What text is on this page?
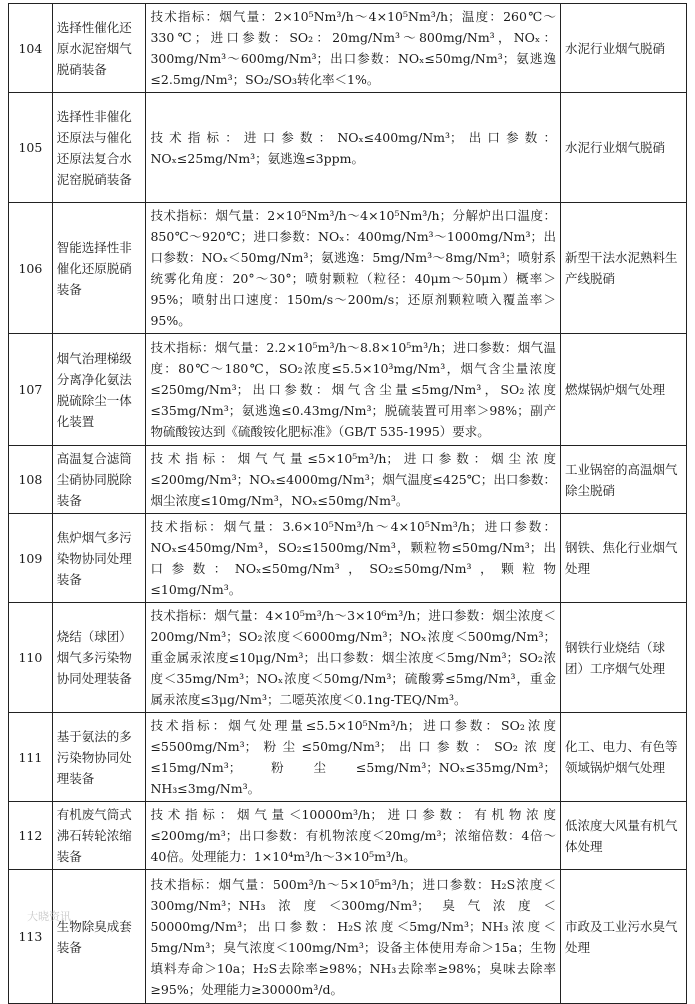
104	选择性催化还原水泥窑烟气脱硝装备	技术指标：烟气量：2×10⁵Nm³/h～4×10⁵Nm³/h；温度：260℃～330℃；进口参数：SO₂：20mg/Nm³～800mg/Nm³，NOₓ：300mg/Nm³～600mg/Nm³；出口参数：NOₓ≤50mg/Nm³；氨逃逸≤2.5mg/Nm³；SO₂/SO₃转化率＜1%。	水泥行业烟气脱硝
105	选择性非催化还原法与催化还原法复合水泥窑脱硝装备	技术指标：进口参数：NOₓ≤400mg/Nm³；出口参数：NOₓ≤25mg/Nm³；氨逃逸≤3ppm。	水泥行业烟气脱硝
106	智能选择性非催化还原脱硝装备	技术指标：烟气量：2×10⁵Nm³/h～4×10⁵Nm³/h；分解炉出口温度：850℃～920℃；进口参数：NOₓ：400mg/Nm³～1000mg/Nm³；出口参数：NOₓ＜50mg/Nm³；氨逃逸：5mg/Nm³～8mg/Nm³；喷射系统雾化角度：20°～30°；喷射颗粒（粒径：40μm～50μm）概率＞95%；喷射出口速度：150m/s～200m/s；还原剂颗粒喷入覆盖率＞95%。	新型干法水泥熟料生产线脱硝
107	烟气治理梯级分离净化氨法脱硫除尘一体化装置	技术指标：烟气量：2.2×10⁵m³/h～8.8×10⁵m³/h；进口参数：烟气温度：80℃～180℃，SO₂浓度≤5.5×10³mg/Nm³，烟气含尘量浓度≤250mg/Nm³；出口参数：烟气含尘量≤5mg/Nm³，SO₂浓度≤35mg/Nm³；氨逃逸≤0.43mg/Nm³；脱硫装置可用率＞98%；副产物硫酸铵达到《硫酸铵化肥标准》（GB/T 535-1995）要求。	燃煤锅炉烟气处理
108	高温复合滤筒尘硝协同脱除装备	技术指标：烟气气量≤5×10⁵m³/h；进口参数：烟尘浓度≤200mg/Nm³；NOₓ≤4000mg/Nm³；烟气温度≤425℃；出口参数：烟尘浓度≤10mg/Nm³，NOₓ≤50mg/Nm³。	工业锅窑的高温烟气除尘脱硝
109	焦炉烟气多污染物协同处理装备	技术指标：烟气量：3.6×10⁵Nm³/h～4×10⁵Nm³/h；进口参数：NOₓ≤450mg/Nm³，SO₂≤1500mg/Nm³，颗粒物≤50mg/Nm³；出口参数：NOₓ≤50mg/Nm³，SO₂≤50mg/Nm³，颗粒物≤10mg/Nm³。	钢铁、焦化行业烟气处理
110	烧结（球团）烟气多污染物协同处理装备	技术指标：烟气量：4×10⁵m³/h～3×10⁶m³/h；进口参数：烟尘浓度＜200mg/Nm³；SO₂浓度＜6000mg/Nm³；NOₓ浓度＜500mg/Nm³；重金属汞浓度≤10μg/Nm³；出口参数：烟尘浓度＜5mg/Nm³；SO₂浓度＜35mg/Nm³；NOₓ浓度＜50mg/Nm³；硫酸雾≤5mg/Nm³，重金属汞浓度≤3μg/Nm³；二噁英浓度＜0.1ng-TEQ/Nm³。	钢铁行业烧结（球团）工序烟气处理
111	基于氨法的多污染物协同处理装备	技术指标：烟气处理量≤5.5×10⁵Nm³/h；进口参数：SO₂浓度≤5500mg/Nm³；粉尘≤50mg/Nm³；出口参数：SO₂浓度≤15mg/Nm³；粉尘≤5mg/Nm³；NOₓ≤35mg/Nm³；NH₃≤3mg/Nm³。	化工、电力、有色等领域锅炉烟气处理
112	有机废气筒式沸石转轮浓缩装备	技术指标：烟气量＜10000m³/h；进口参数：有机物浓度≤200mg/m³；出口参数：有机物浓度＜20mg/m³；浓缩倍数：4倍～40倍。处理能力：1×10⁴m³/h～3×10⁵m³/h。	低浓度大风量有机气体处理
113	生物除臭成套装备	技术指标：烟气量：500m³/h～5×10⁵m³/h；进口参数：H₂S浓度＜300mg/Nm³；NH₃浓度＜300mg/Nm³；臭气浓度＜50000mg/Nm³；出口参数：H₂S浓度＜5mg/Nm³；NH₃浓度＜5mg/Nm³；臭气浓度＜100mg/Nm³；设备主体使用寿命＞15a；生物填料寿命＞10a；H₂S去除率≥98%；NH₃去除率≥98%；臭味去除率≥95%；处理能力≥30000m³/d。	市政及工业污水臭气处理
大晓资讯
